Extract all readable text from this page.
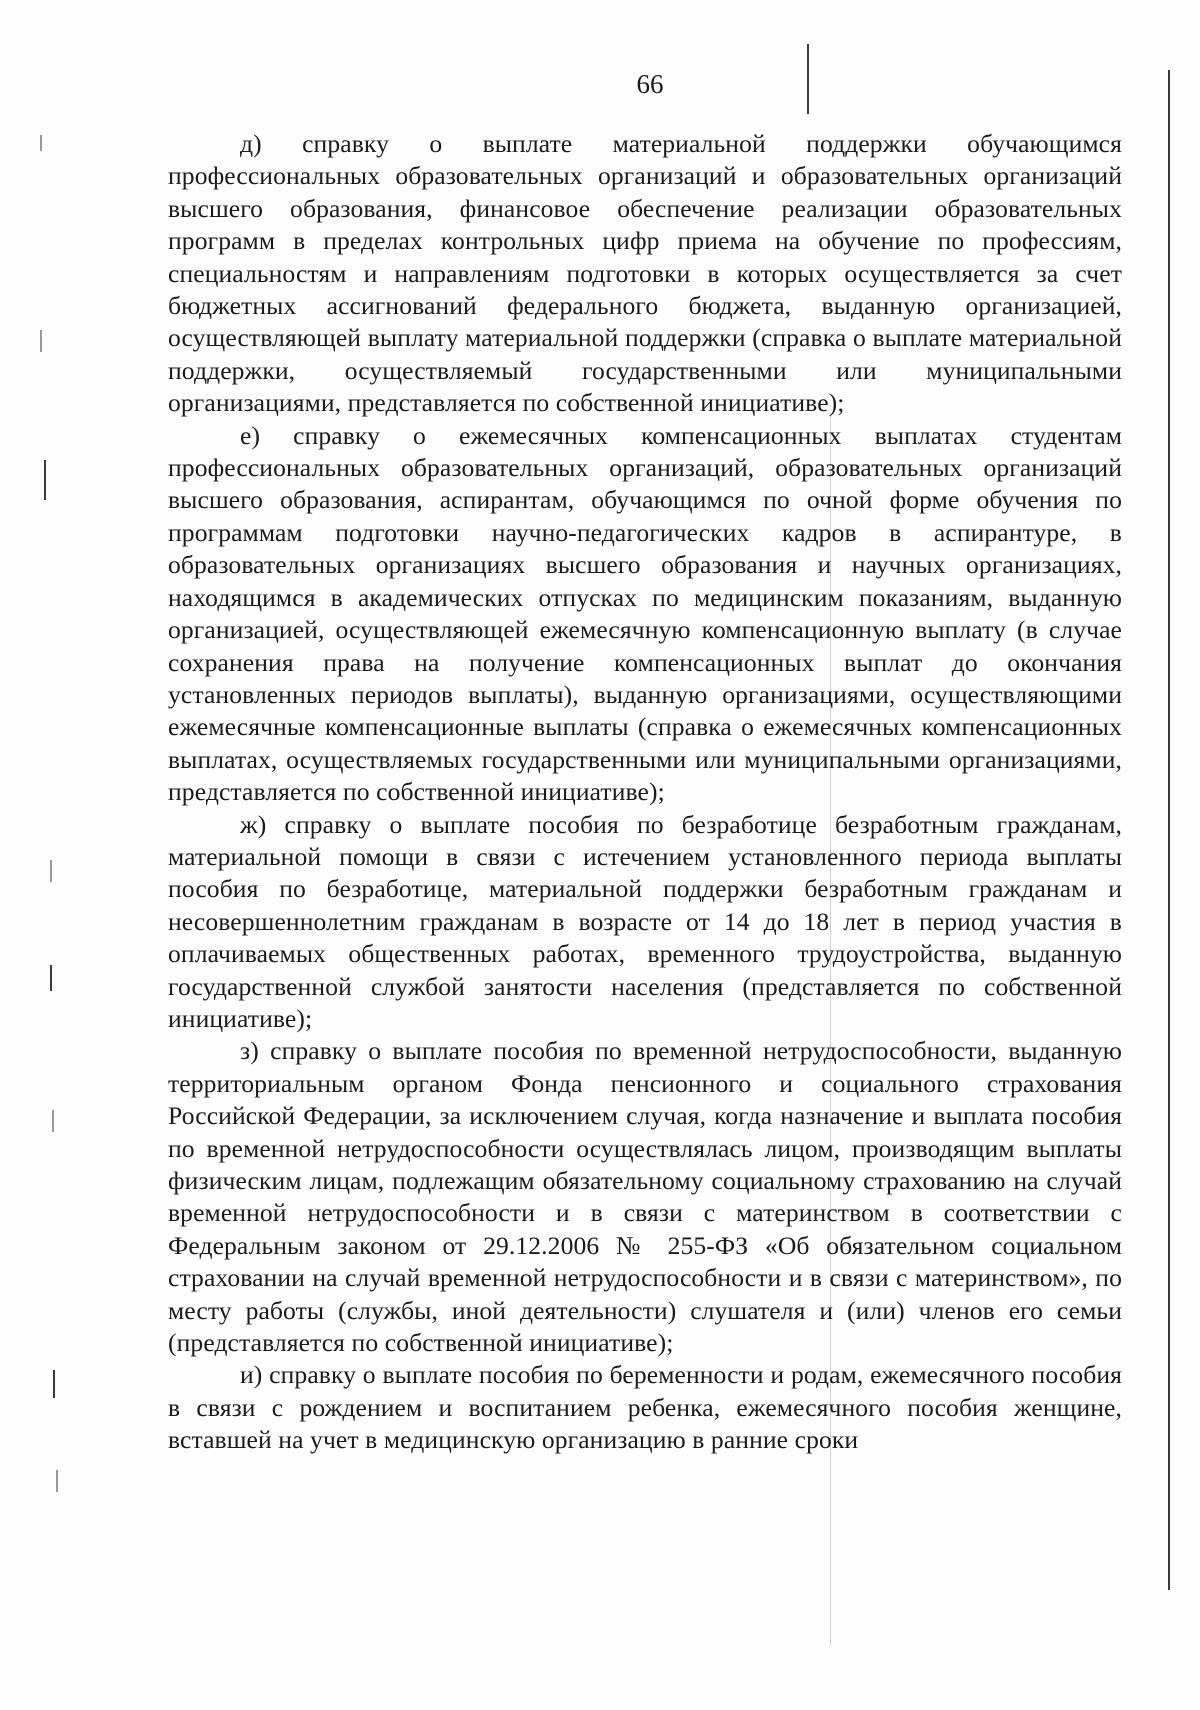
66

д) справку о выплате материальной поддержки обучающимся профессиональных образовательных организаций и образовательных организаций высшего образования, финансовое обеспечение реализации образовательных программ в пределах контрольных цифр приема на обучение по профессиям, специальностям и направлениям подготовки в которых осуществляется за счет бюджетных ассигнований федерального бюджета, выданную организацией, осуществляющей выплату материальной поддержки (справка о выплате материальной поддержки, осуществляемый государственными или муниципальными организациями, представляется по собственной инициативе);

е) справку о ежемесячных компенсационных выплатах студентам профессиональных образовательных организаций, образовательных организаций высшего образования, аспирантам, обучающимся по очной форме обучения по программам подготовки научно-педагогических кадров в аспирантуре, в образовательных организациях высшего образования и научных организациях, находящимся в академических отпусках по медицинским показаниям, выданную организацией, осуществляющей ежемесячную компенсационную выплату (в случае сохранения права на получение компенсационных выплат до окончания установленных периодов выплаты), выданную организациями, осуществляющими ежемесячные компенсационные выплаты (справка о ежемесячных компенсационных выплатах, осуществляемых государственными или муниципальными организациями, представляется по собственной инициативе);

ж) справку о выплате пособия по безработице безработным гражданам, материальной помощи в связи с истечением установленного периода выплаты пособия по безработице, материальной поддержки безработным гражданам и несовершеннолетним гражданам в возрасте от 14 до 18 лет в период участия в оплачиваемых общественных работах, временного трудоустройства, выданную государственной службой занятости населения (представляется по собственной инициативе);

з) справку о выплате пособия по временной нетрудоспособности, выданную территориальным органом Фонда пенсионного и социального страхования Российской Федерации, за исключением случая, когда назначение и выплата пособия по временной нетрудоспособности осуществлялась лицом, производящим выплаты физическим лицам, подлежащим обязательному социальному страхованию на случай временной нетрудоспособности и в связи с материнством в соответствии с Федеральным законом от 29.12.2006 № 255-ФЗ «Об обязательном социальном страховании на случай временной нетрудоспособности и в связи с материнством», по месту работы (службы, иной деятельности) слушателя и (или) членов его семьи (представляется по собственной инициативе);

и) справку о выплате пособия по беременности и родам, ежемесячного пособия в связи с рождением и воспитанием ребенка, ежемесячного пособия женщине, вставшей на учет в медицинскую организацию в ранние сроки
